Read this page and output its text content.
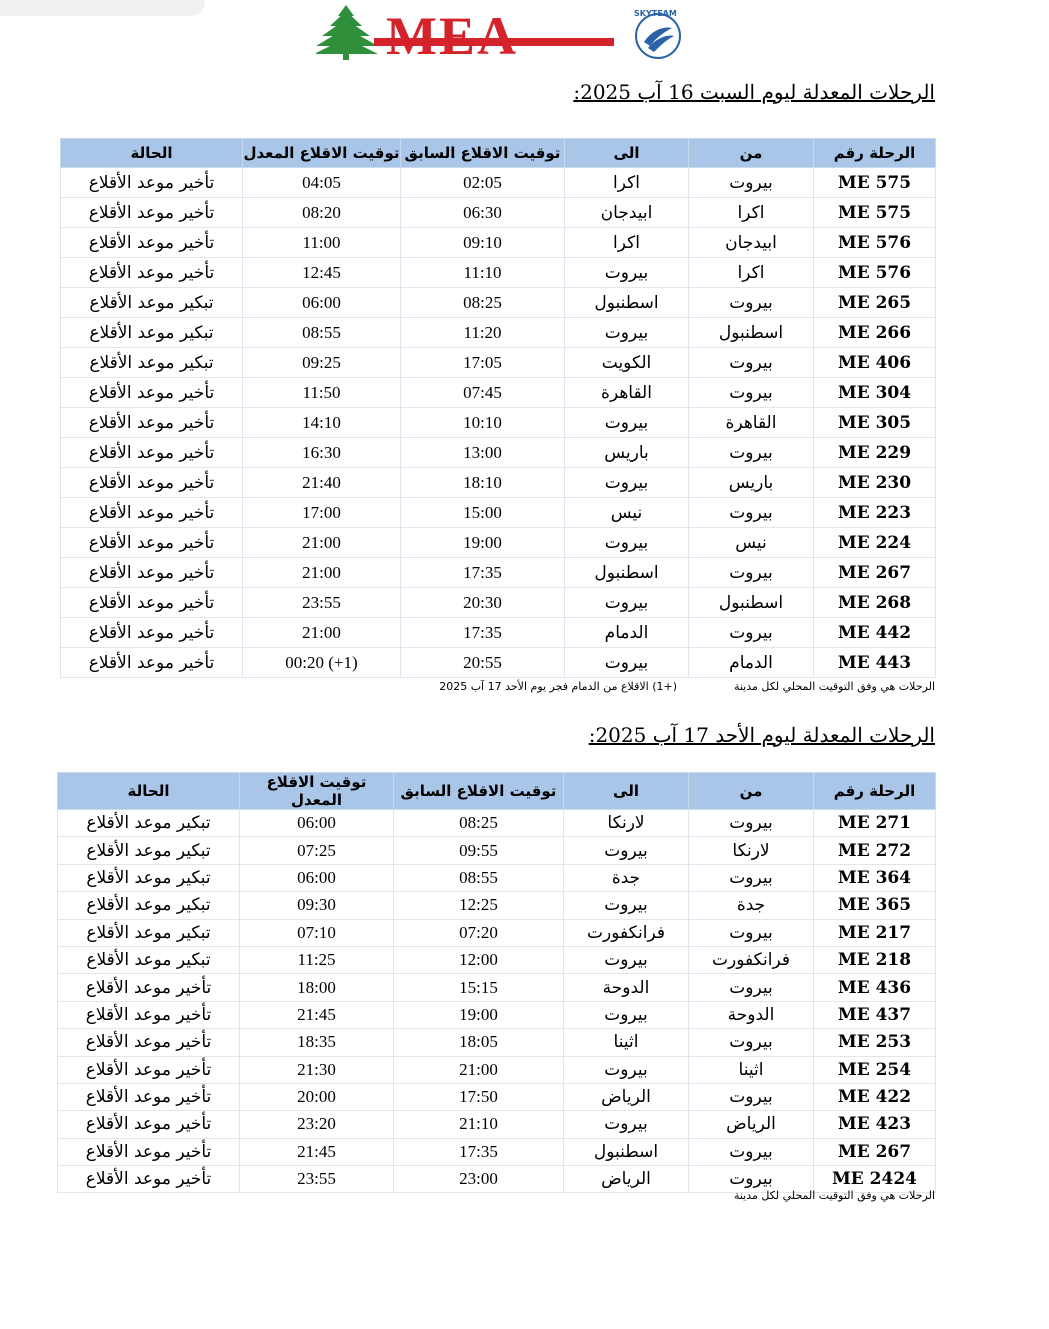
MEA	SKYTEAM
الرحلات المعدلة ليوم السبت 16 آب 2025:
الرحلة رقم	من	الى	توقيت الاقلاع السابق	توقيت الاقلاع المعدل	الحالة
ME 575	بيروت	اكرا	02:05	04:05	تأخير موعد الأقلاع
ME 575	اكرا	ابيدجان	06:30	08:20	تأخير موعد الأقلاع
ME 576	ابيدجان	اكرا	09:10	11:00	تأخير موعد الأقلاع
ME 576	اكرا	بيروت	11:10	12:45	تأخير موعد الأقلاع
ME 265	بيروت	اسطنبول	08:25	06:00	تبكير موعد الأقلاع
ME 266	اسطنبول	بيروت	11:20	08:55	تبكير موعد الأقلاع
ME 406	بيروت	الكويت	17:05	09:25	تبكير موعد الأقلاع
ME 304	بيروت	القاهرة	07:45	11:50	تأخير موعد الأقلاع
ME 305	القاهرة	بيروت	10:10	14:10	تأخير موعد الأقلاع
ME 229	بيروت	باريس	13:00	16:30	تأخير موعد الأقلاع
ME 230	باريس	بيروت	18:10	21:40	تأخير موعد الأقلاع
ME 223	بيروت	نيس	15:00	17:00	تأخير موعد الأقلاع
ME 224	نيس	بيروت	19:00	21:00	تأخير موعد الأقلاع
ME 267	بيروت	اسطنبول	17:35	21:00	تأخير موعد الأقلاع
ME 268	اسطنبول	بيروت	20:30	23:55	تأخير موعد الأقلاع
ME 442	بيروت	الدمام	17:35	21:00	تأخير موعد الأقلاع
ME 443	الدمام	بيروت	20:55	00:20 (+1)	تأخير موعد الأقلاع
الرحلات هي وفق التوقيت المحلي لكل مدينة
(+1) الاقلاع من الدمام فجر يوم الأحد 17 آب 2025
الرحلات المعدلة ليوم الأحد 17 آب 2025:
الرحلة رقم	من	الى	توقيت الاقلاع السابق	توقيت الاقلاع المعدل	الحالة
ME 271	بيروت	لارنكا	08:25	06:00	تبكير موعد الأقلاع
ME 272	لارنكا	بيروت	09:55	07:25	تبكير موعد الأقلاع
ME 364	بيروت	جدة	08:55	06:00	تبكير موعد الأقلاع
ME 365	جدة	بيروت	12:25	09:30	تبكير موعد الأقلاع
ME 217	بيروت	فرانكفورت	07:20	07:10	تبكير موعد الأقلاع
ME 218	فرانكفورت	بيروت	12:00	11:25	تبكير موعد الأقلاع
ME 436	بيروت	الدوحة	15:15	18:00	تأخير موعد الأقلاع
ME 437	الدوحة	بيروت	19:00	21:45	تأخير موعد الأقلاع
ME 253	بيروت	اثينا	18:05	18:35	تأخير موعد الأقلاع
ME 254	اثينا	بيروت	21:00	21:30	تأخير موعد الأقلاع
ME 422	بيروت	الرياض	17:50	20:00	تأخير موعد الأقلاع
ME 423	الرياض	بيروت	21:10	23:20	تأخير موعد الأقلاع
ME 267	بيروت	اسطنبول	17:35	21:45	تأخير موعد الأقلاع
ME 2424	بيروت	الرياض	23:00	23:55	تأخير موعد الأقلاع
الرحلات هي وفق التوقيت المحلي لكل مدينة
